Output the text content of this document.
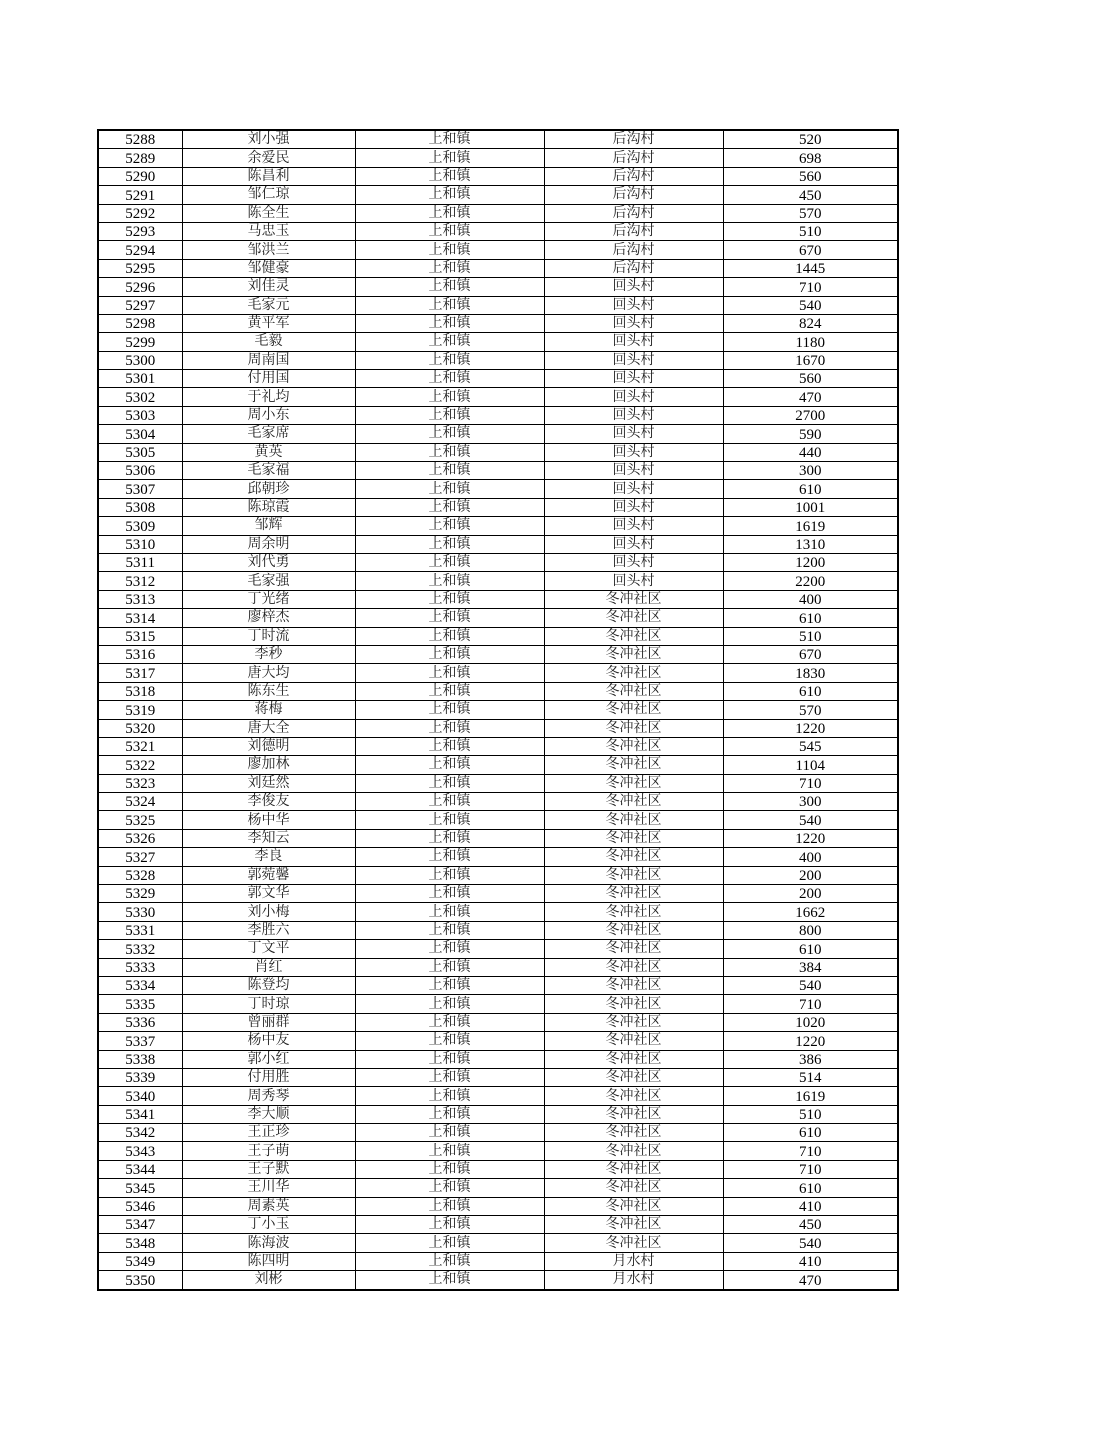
5288	刘小强	上和镇	后沟村	520
5289	余爱民	上和镇	后沟村	698
5290	陈昌利	上和镇	后沟村	560
5291	邹仁琼	上和镇	后沟村	450
5292	陈全生	上和镇	后沟村	570
5293	马忠玉	上和镇	后沟村	510
5294	邹洪兰	上和镇	后沟村	670
5295	邹健豪	上和镇	后沟村	1445
5296	刘佳灵	上和镇	回头村	710
5297	毛家元	上和镇	回头村	540
5298	黄平军	上和镇	回头村	824
5299	毛毅	上和镇	回头村	1180
5300	周南国	上和镇	回头村	1670
5301	付用国	上和镇	回头村	560
5302	于礼均	上和镇	回头村	470
5303	周小东	上和镇	回头村	2700
5304	毛家席	上和镇	回头村	590
5305	黄英	上和镇	回头村	440
5306	毛家福	上和镇	回头村	300
5307	邱朝珍	上和镇	回头村	610
5308	陈琼霞	上和镇	回头村	1001
5309	邹辉	上和镇	回头村	1619
5310	周余明	上和镇	回头村	1310
5311	刘代勇	上和镇	回头村	1200
5312	毛家强	上和镇	回头村	2200
5313	丁光绪	上和镇	冬冲社区	400
5314	廖梓杰	上和镇	冬冲社区	610
5315	丁时流	上和镇	冬冲社区	510
5316	李秒	上和镇	冬冲社区	670
5317	唐大均	上和镇	冬冲社区	1830
5318	陈东生	上和镇	冬冲社区	610
5319	蒋梅	上和镇	冬冲社区	570
5320	唐大全	上和镇	冬冲社区	1220
5321	刘德明	上和镇	冬冲社区	545
5322	廖加林	上和镇	冬冲社区	1104
5323	刘廷然	上和镇	冬冲社区	710
5324	李俊友	上和镇	冬冲社区	300
5325	杨中华	上和镇	冬冲社区	540
5326	李知云	上和镇	冬冲社区	1220
5327	李良	上和镇	冬冲社区	400
5328	郭菀馨	上和镇	冬冲社区	200
5329	郭文华	上和镇	冬冲社区	200
5330	刘小梅	上和镇	冬冲社区	1662
5331	李胜六	上和镇	冬冲社区	800
5332	丁文平	上和镇	冬冲社区	610
5333	肖红	上和镇	冬冲社区	384
5334	陈登均	上和镇	冬冲社区	540
5335	丁时琼	上和镇	冬冲社区	710
5336	曾丽群	上和镇	冬冲社区	1020
5337	杨中友	上和镇	冬冲社区	1220
5338	郭小红	上和镇	冬冲社区	386
5339	付用胜	上和镇	冬冲社区	514
5340	周秀琴	上和镇	冬冲社区	1619
5341	李大顺	上和镇	冬冲社区	510
5342	王正珍	上和镇	冬冲社区	610
5343	王子萌	上和镇	冬冲社区	710
5344	王子默	上和镇	冬冲社区	710
5345	王川华	上和镇	冬冲社区	610
5346	周素英	上和镇	冬冲社区	410
5347	丁小玉	上和镇	冬冲社区	450
5348	陈海波	上和镇	冬冲社区	540
5349	陈四明	上和镇	月水村	410
5350	刘彬	上和镇	月水村	470
